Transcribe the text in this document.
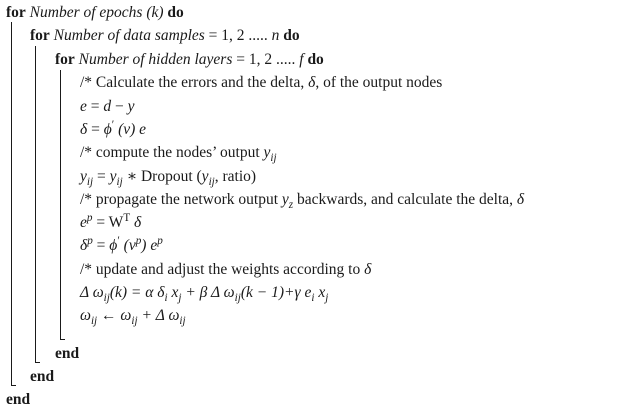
for Number of epochs (k) do
for Number of data samples = 1, 2 ..... n do
for Number of hidden layers = 1, 2 ..... f do
/* Calculate the errors and the delta, δ, of the output nodes
e = d − y
δ = ϕ′ (ν) e
/* compute the nodes’ output $y_{ij}$
$y_{ij} = y_{ij}$ ∗ Dropout ($y_{ij}$, ratio)
/* propagate the network output $y_z$ backwards, and calculate the delta, δ
$e^p = W^T$ δ
$\delta^p = \phi'$ $(\nu^p)$ $e^p$
/* update and adjust the weights according to δ
Δ $\omega_{ij}(k) = \alpha$ $\delta_i$ $x_j + \beta$ Δ $\omega_{ij}(k - 1)+\gamma$ $e_i$ $x_j$
$\omega_{ij}$ ← $\omega_{ij} + \Delta$ $\omega_{ij}$
end
end
end
